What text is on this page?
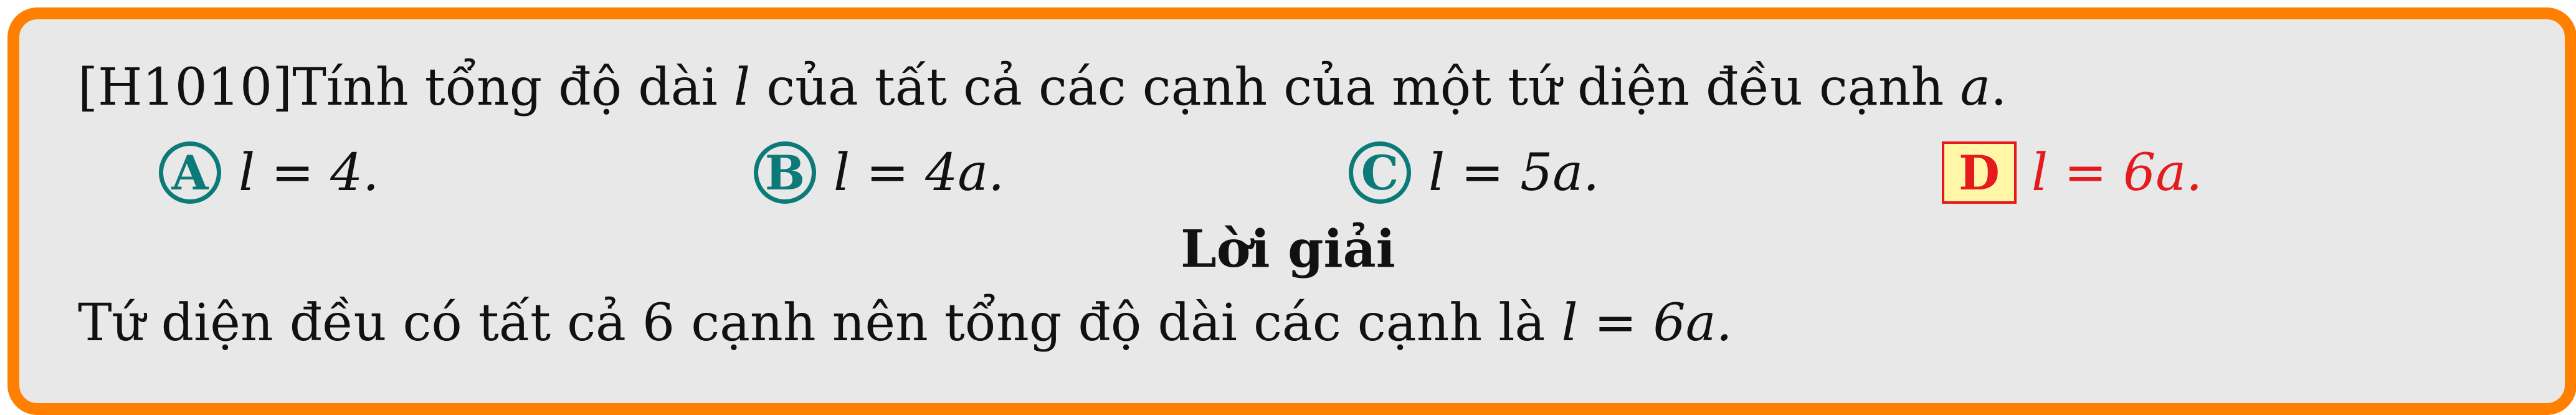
[H1010]Tính tổng độ dài l của tất cả các cạnh của một tứ diện đều cạnh a.
A l = 4.	B l = 4a.	C l = 5a.	D l = 6a.
Lời giải
Tứ diện đều có tất cả 6 cạnh nên tổng độ dài các cạnh là l = 6a.
